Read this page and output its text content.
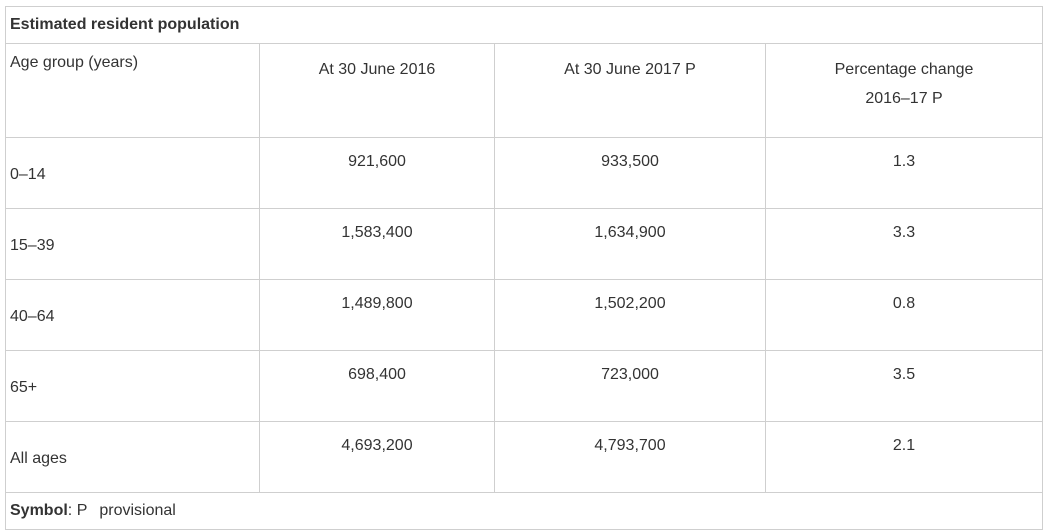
Estimated resident population			
Age group (years)	At 30 June 2016	At 30 June 2017 P	Percentage change
2016–17 P

0–14	921,600	933,500	1.3
15–39	1,583,400	1,634,900	3.3
40–64	1,489,800	1,502,200	0.8
65+	698,400	723,000	3.5
All ages	4,693,200	4,793,700	2.1
Symbol: P provisional			
